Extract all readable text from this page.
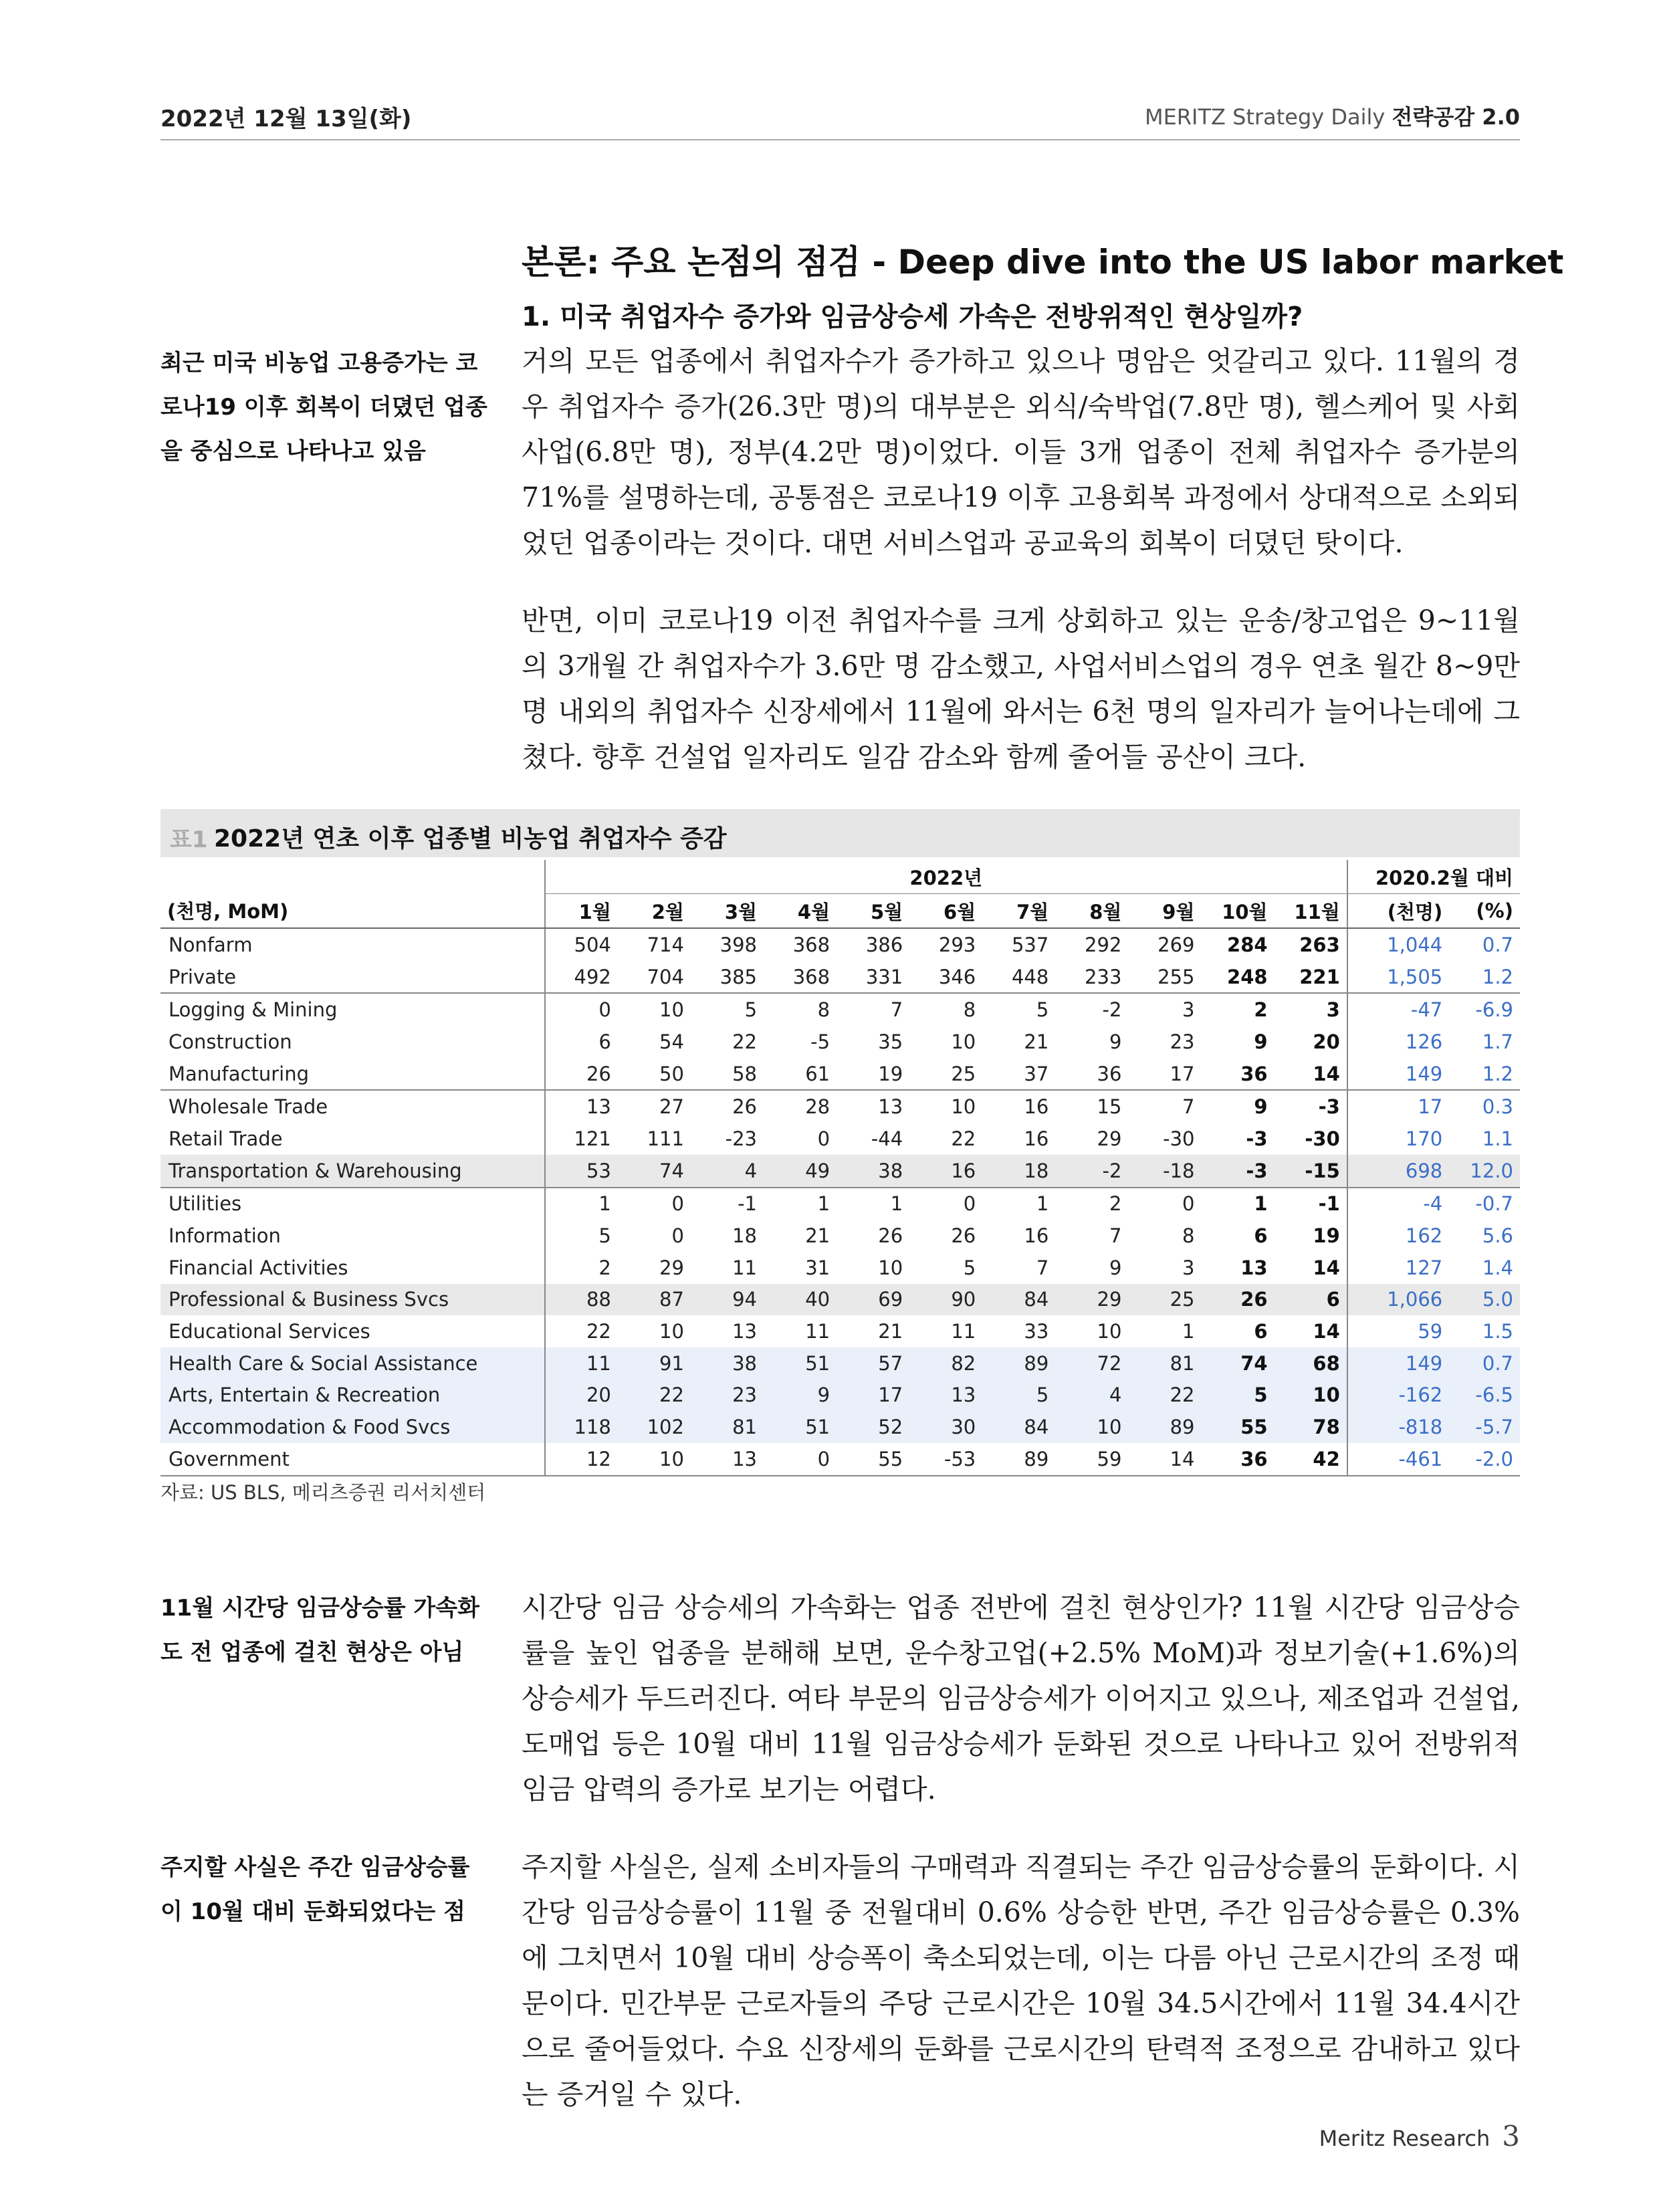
2022년 12월 13일(화)	MERITZ Strategy Daily 전략공감 2.0
본론: 주요 논점의 점검 - Deep dive into the US labor market
1. 미국 취업자수 증가와 임금상승세 가속은 전방위적인 현상일까?
최근 미국 비농업 고용증가는 코로나19 이후 회복이 더뎠던 업종을 중심으로 나타나고 있음
11월 시간당 임금상승률 가속화도 전 업종에 걸친 현상은 아님
주지할 사실은 주간 임금상승률이 10월 대비 둔화되었다는 점
거의 모든 업종에서 취업자수가 증가하고 있으나 명암은 엇갈리고 있다. 11월의 경우 취업자수 증가(26.3만 명)의 대부분은 외식/숙박업(7.8만 명), 헬스케어 및 사회사업(6.8만 명), 정부(4.2만 명)이었다. 이들 3개 업종이 전체 취업자수 증가분의 71%를 설명하는데, 공통점은 코로나19 이후 고용회복 과정에서 상대적으로 소외되었던 업종이라는 것이다. 대면 서비스업과 공교육의 회복이 더뎠던 탓이다.
반면, 이미 코로나19 이전 취업자수를 크게 상회하고 있는 운송/창고업은 9~11월의 3개월 간 취업자수가 3.6만 명 감소했고, 사업서비스업의 경우 연초 월간 8~9만 명 내외의 취업자수 신장세에서 11월에 와서는 6천 명의 일자리가 늘어나는데에 그쳤다. 향후 건설업 일자리도 일감 감소와 함께 줄어들 공산이 크다.
표1 2022년 연초 이후 업종별 비농업 취업자수 증감
	2022년											2020.2월 대비	
(천명, MoM)	1월	2월	3월	4월	5월	6월	7월	8월	9월	10월	11월	(천명)	(%)
Nonfarm	504	714	398	368	386	293	537	292	269	284	263	1,044	0.7
Private	492	704	385	368	331	346	448	233	255	248	221	1,505	1.2
Logging & Mining	0	10	5	8	7	8	5	-2	3	2	3	-47	-6.9
Construction	6	54	22	-5	35	10	21	9	23	9	20	126	1.7
Manufacturing	26	50	58	61	19	25	37	36	17	36	14	149	1.2
Wholesale Trade	13	27	26	28	13	10	16	15	7	9	-3	17	0.3
Retail Trade	121	111	-23	0	-44	22	16	29	-30	-3	-30	170	1.1
Transportation & Warehousing	53	74	4	49	38	16	18	-2	-18	-3	-15	698	12.0
Utilities	1	0	-1	1	1	0	1	2	0	1	-1	-4	-0.7
Information	5	0	18	21	26	26	16	7	8	6	19	162	5.6
Financial Activities	2	29	11	31	10	5	7	9	3	13	14	127	1.4
Professional & Business Svcs	88	87	94	40	69	90	84	29	25	26	6	1,066	5.0
Educational Services	22	10	13	11	21	11	33	10	1	6	14	59	1.5
Health Care & Social Assistance	11	91	38	51	57	82	89	72	81	74	68	149	0.7
Arts, Entertain & Recreation	20	22	23	9	17	13	5	4	22	5	10	-162	-6.5
Accommodation & Food Svcs	118	102	81	51	52	30	84	10	89	55	78	-818	-5.7
Government	12	10	13	0	55	-53	89	59	14	36	42	-461	-2.0
자료: US BLS, 메리츠증권 리서치센터
시간당 임금 상승세의 가속화는 업종 전반에 걸친 현상인가? 11월 시간당 임금상승률을 높인 업종을 분해해 보면, 운수창고업(+2.5% MoM)과 정보기술(+1.6%)의 상승세가 두드러진다. 여타 부문의 임금상승세가 이어지고 있으나, 제조업과 건설업, 도매업 등은 10월 대비 11월 임금상승세가 둔화된 것으로 나타나고 있어 전방위적 임금 압력의 증가로 보기는 어렵다.
주지할 사실은, 실제 소비자들의 구매력과 직결되는 주간 임금상승률의 둔화이다. 시간당 임금상승률이 11월 중 전월대비 0.6% 상승한 반면, 주간 임금상승률은 0.3%에 그치면서 10월 대비 상승폭이 축소되었는데, 이는 다름 아닌 근로시간의 조정 때문이다. 민간부문 근로자들의 주당 근로시간은 10월 34.5시간에서 11월 34.4시간으로 줄어들었다. 수요 신장세의 둔화를 근로시간의 탄력적 조정으로 감내하고 있다는 증거일 수 있다.
Meritz Research 3
